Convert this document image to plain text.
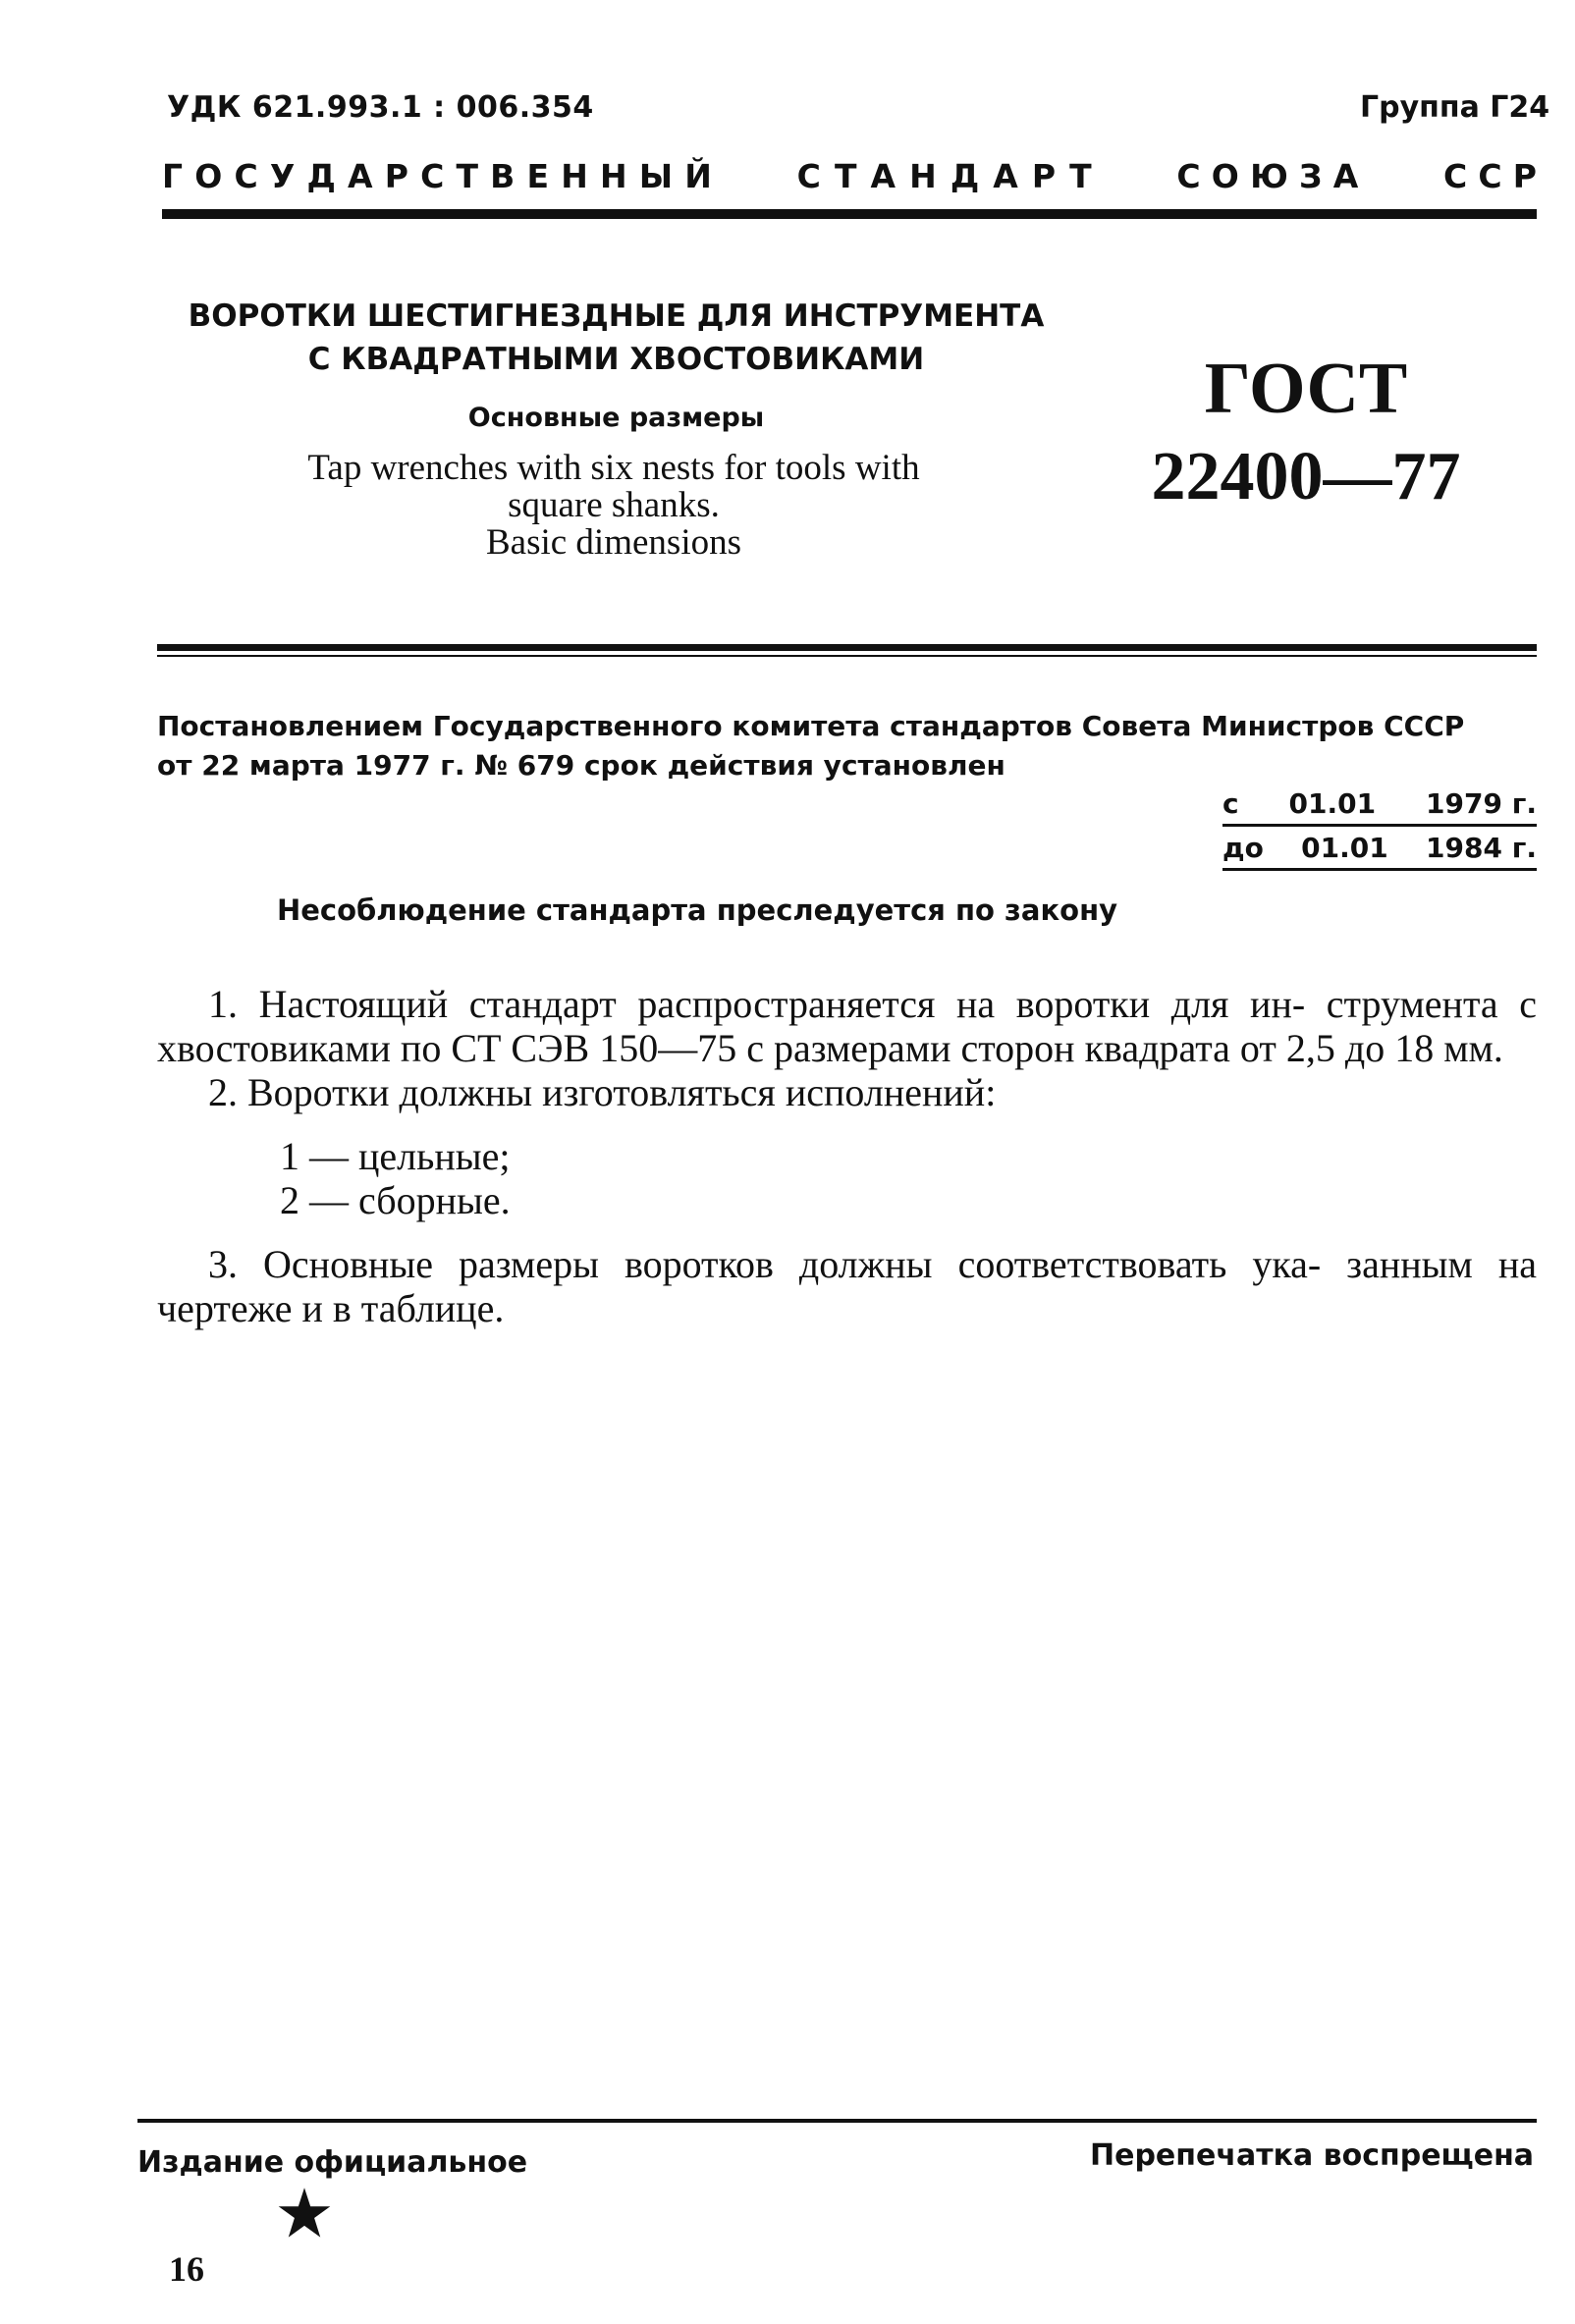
УДК 621.993.1 : 006.354	Группа Г24
Г О С У Д А Р С Т В Е Н Н Ы Й	С Т А Н Д А Р Т	С О Ю З А	С С Р
ВОРОТКИ ШЕСТИГНЕЗДНЫЕ ДЛЯ ИНСТРУМЕНТА
С КВАДРАТНЫМИ ХВОСТОВИКАМИ
Основные размеры
Tap wrenches with six nests for tools with
square shanks.
Basic dimensions
ГОСТ
22400—77
Постановлением Государственного комитета стандартов Совета Министров СССР
от 22 марта 1977 г. № 679 срок действия установлен
с 01.01 1979 г.
до 01.01 1984 г.
Несоблюдение стандарта преследуется по закону

1. Настоящий стандарт распространяется на воротки для ин- струмента с хвостовиками по СТ СЭВ 150—75 с размерами сторон квадрата от 2,5 до 18 мм.

2. Воротки должны изготовляться исполнений:

1 — цельные;

2 — сборные.

3. Основные размеры воротков должны соответствовать ука- занным на чертеже и в таблице.

Издание официальное	Перепечатка воспрещена
16
